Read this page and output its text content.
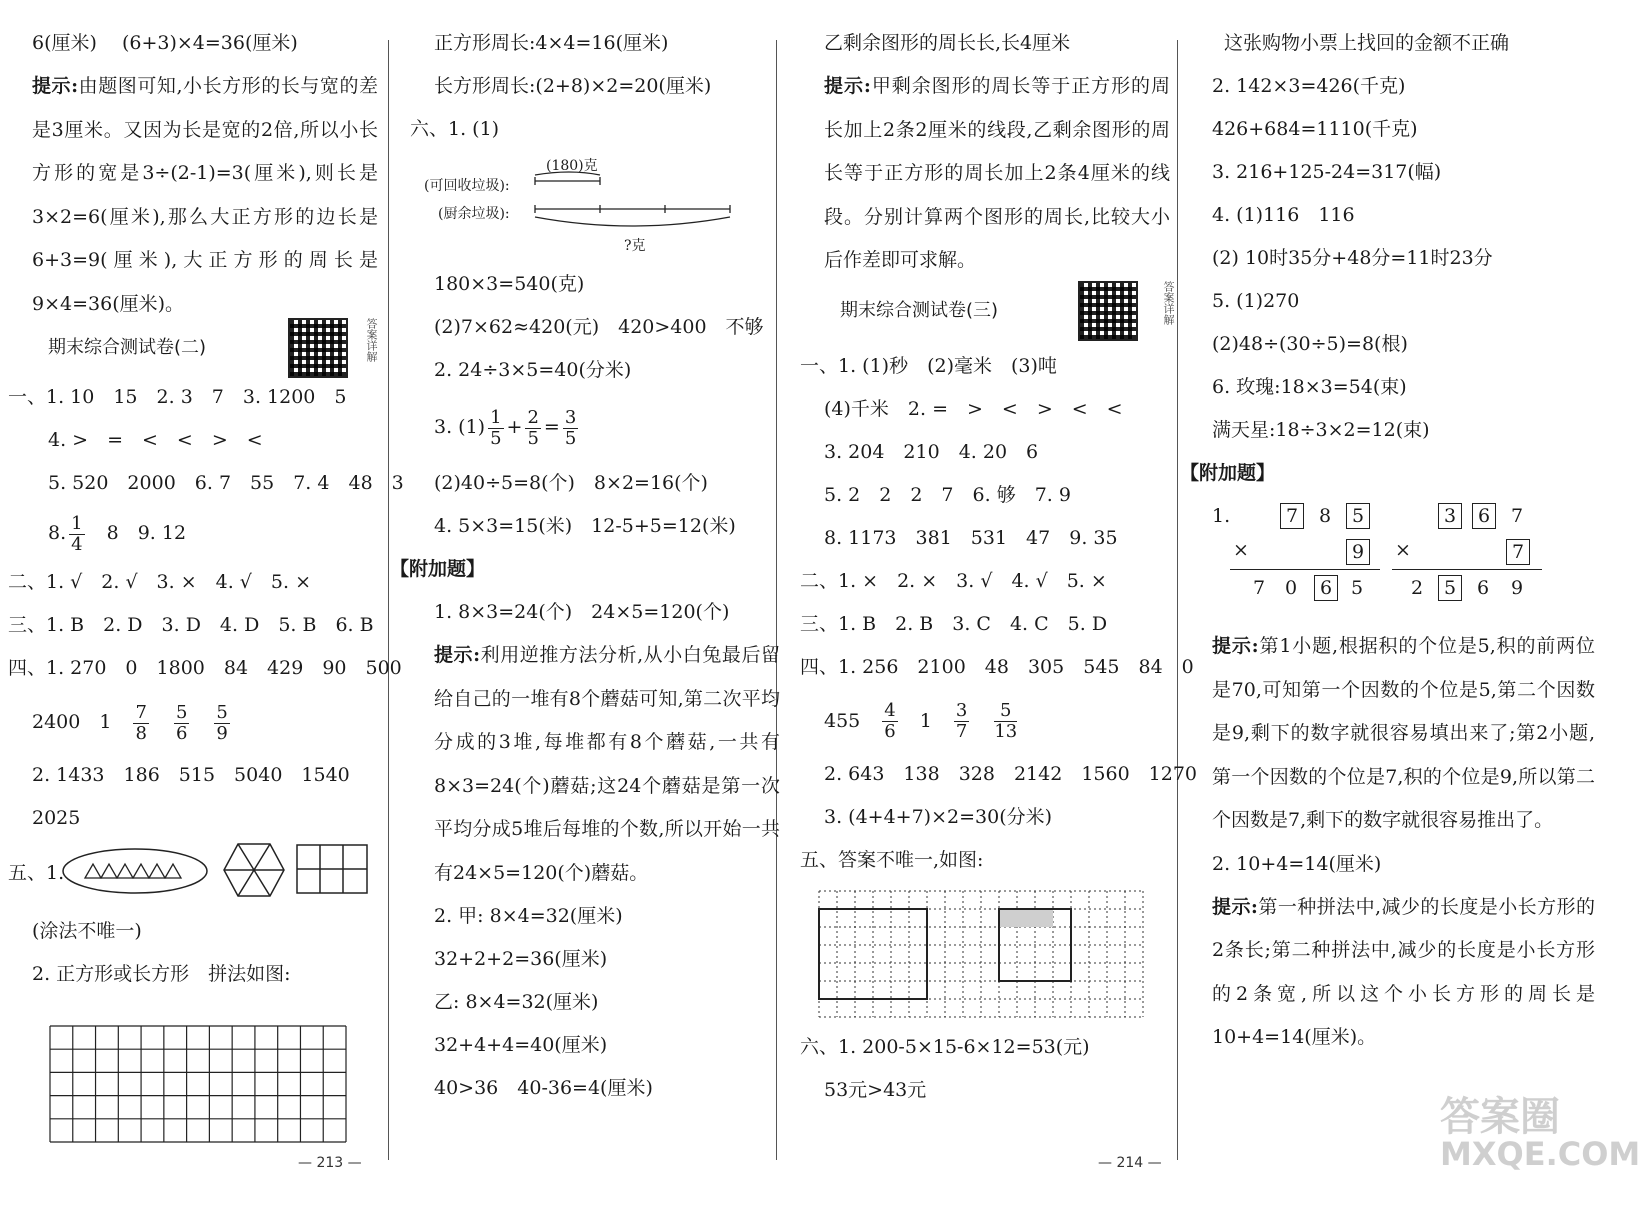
6(厘米)　 (6+3)×4=36(厘米)
提示:由题图可知,小长方形的长与宽的差是3厘米。又因为长是宽的2倍,所以小长方形的宽是3÷(2-1)=3(厘米),则长是3×2=6(厘米),那么大正方形的边长是6+3=9(厘米),大正方形的周长是9×4=36(厘米)。
期末综合测试卷(二)	答案详解
一、1. 10　15　2. 3　7　3. 1200　5
4. >　=　<　<　>　<
5. 520　2000　6. 7　55　7. 4　48　3
8. $\frac{1}{4}$
　 8　9. 12
二、1. √　2. √　3. ×　4. √　5. ×
三、1. B　2. D　3. D　4. D　5. B　6. B
四、1. 270　0　1800　84　429　90　500
2400　1　 $\frac{7}{8}$
　 $\frac{5}{6}$
　 $\frac{5}{9}$
2. 1433　186　515　5040　1540
2025
五、1.
(涂法不唯一)
2. 正方形或长方形　拼法如图:
正方形周长:4×4=16(厘米)
长方形周长:(2+8)×2=20(厘米)
六、1. (1)
(180)克
(可回收垃圾):
(厨余垃圾):
?克
180×3=540(克)
(2)7×62≈420(元)　420>400　不够
2. 24÷3×5=40(分米)
3. $(1) \frac{1}{5} + \frac{2}{5} = \frac{3}{5}$
(2)40÷5=8(个)　8×2=16(个)
4. 5×3=15(米)　12-5+5=12(米)
【附加题】
1. 8×3=24(个)　24×5=120(个)
提示:利用逆推方法分析,从小白兔最后留给自己的一堆有8个蘑菇可知,第二次平均分成的3堆,每堆都有8个蘑菇,一共有8×3=24(个)蘑菇;这24个蘑菇是第一次平均分成5堆后每堆的个数,所以开始一共有24×5=120(个)蘑菇。
2. 甲: 8×4=32(厘米)
32+2+2=36(厘米)
乙: 8×4=32(厘米)
32+4+4=40(厘米)
40>36　40-36=4(厘米)
乙剩余图形的周长长,长4厘米
提示:甲剩余图形的周长等于正方形的周长加上2条2厘米的线段,乙剩余图形的周长等于正方形的周长加上2条4厘米的线段。分别计算两个图形的周长,比较大小后作差即可求解。
期末综合测试卷(三)	答案详解
一、1. (1)秒　(2)毫米　(3)吨
(4)千米　2. =　>　<　>　<　<
3. 204　210　4. 20　6
5. 2　2　2　7　6. 够　7. 9
8. 1173　381　531　47　9. 35
二、1. ×　2. ×　3. √　4. √　5. ×
三、1. B　2. B　3. C　4. C　5. D
四、1. 256　2100　48　305　545　84　0
455　 $\frac{4}{6}$
　 1　 $\frac{3}{7}$
　 $\frac{5}{13}$
2. 643　138　328　2142　1560　1270
3. (4+4+7)×2=30(分米)
五、答案不唯一,如图:
六、1. 200-5×15-6×12=53(元)
53元>43元
这张购物小票上找回的金额不正确
2. 142×3=426(千克)
426+684=1110(千克)
3. 216+125-24=317(幅)
4. (1)116　116
(2) 10时35分+48分=11时23分
5. (1)270
(2)48÷(30÷5)=8(根)
6. 玫瑰:18×3=54(束)
满天星:18÷3×2=12(束)
【附加题】
1.	7	8	5
×	9
7 0	6 5
3	6	7
×	7
2	5	6 9
提示:第1小题,根据积的个位是5,积的前两位是70,可知第一个因数的个位是5,第二个因数是9,剩下的数字就很容易填出来了;第2小题,第一个因数的个位是7,积的个位是9,所以第二个因数是7,剩下的数字就很容易推出了。
2. 10+4=14(厘米)
提示:第一种拼法中,减少的长度是小长方形的2条长;第二种拼法中,减少的长度是小长方形的2条宽,所以这个小长方形的周长是10+4=14(厘米)。
— 213 —	— 214 —
答案圈
MXQE.COM
